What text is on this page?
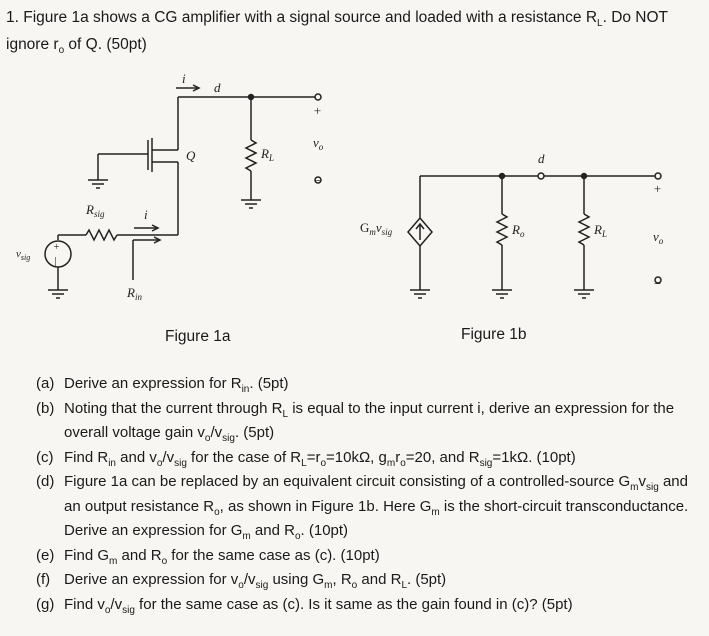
1. Figure 1a shows a CG amplifier with a signal source and loaded with a resistance $R_L$. Do NOT ignore $r_o$ of Q. (50pt)
+
|
i
d
+
$v_o$
Q	$R_L$
−
$R_{sig}$	i
$v_{sig}$
$R_{in}$
$G_mv_{sig}$
d
$R_o$	$R_L$
+
$v_o$
−
Figure 1a	Figure 1b
(a) Derive an expression for $R_{in}$. (5pt)
(b) Noting that the current through $R_L$ is equal to the input current i, derive an expression for the overall voltage gain $v_o/v_{sig}$. (5pt)
(c) Find $R_{in}$ and $v_o/v_{sig}$ for the case of $R_L=r_o=10k\Omega$, $g_mr_o=20$, and $R_{sig}=1k\Omega$. (10pt)
(d) Figure 1a can be replaced by an equivalent circuit consisting of a controlled-source $G_mv_{sig}$ and an output resistance $R_o$, as shown in Figure 1b. Here $G_m$ is the short-circuit transconductance. Derive an expression for $G_m$ and $R_o$. (10pt)
(e) Find $G_m$ and $R_o$ for the same case as (c). (10pt)
(f) Derive an expression for $v_o/v_{sig}$ using $G_m$, $R_o$ and $R_L$. (5pt)
(g) Find $v_o/v_{sig}$ for the same case as (c). Is it same as the gain found in (c)? (5pt)
